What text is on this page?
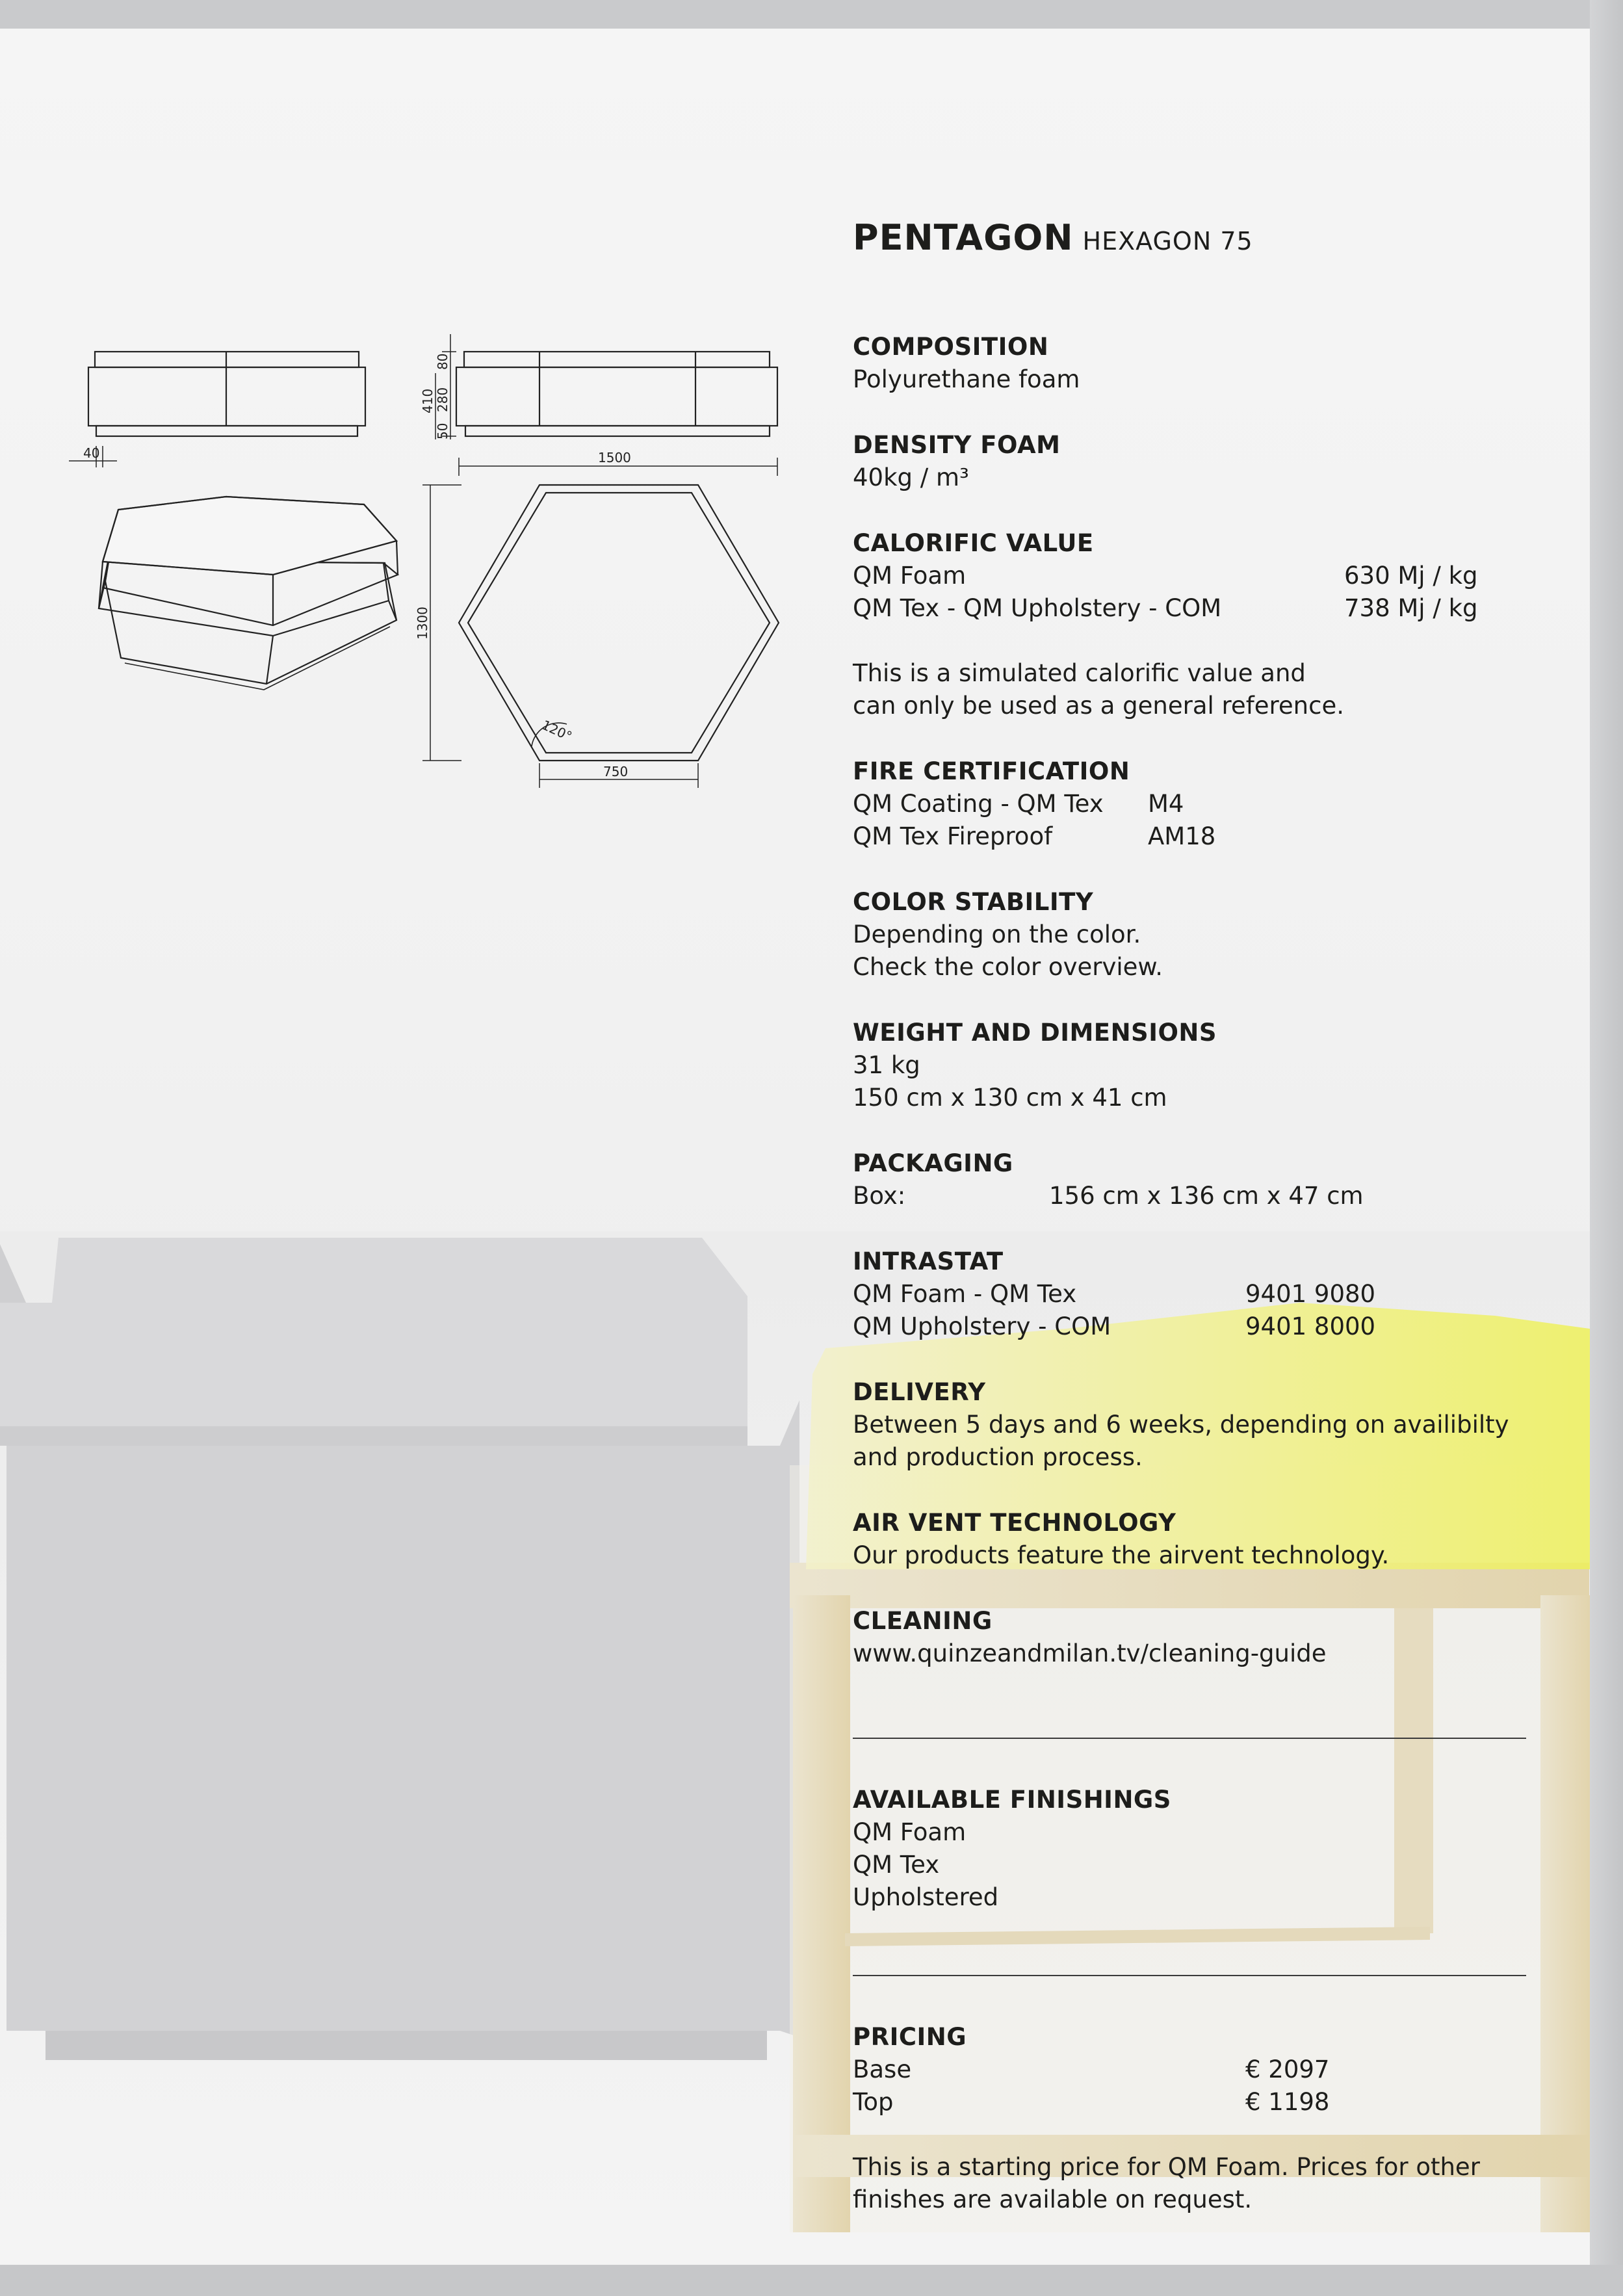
40
80
280
50
410
1500
1300
750
120°
PENTAGON HEXAGON 75
COMPOSITION
Polyurethane foam
DENSITY FOAM
40kg / m³
CALORIFIC VALUE
QM Foam	630 Mj / kg
QM Tex - QM Upholstery - COM	738 Mj / kg
This is a simulated calorific value and
can only be used as a general reference.
FIRE CERTIFICATION
QM Coating - QM Tex M4
QM Tex Fireproof	AM18
COLOR STABILITY
Depending on the color.
Check the color overview.
WEIGHT AND DIMENSIONS
31 kg
150 cm x 130 cm x 41 cm
PACKAGING
Box:	156 cm x 136 cm x 47 cm
INTRASTAT
QM Foam - QM Tex	9401 9080
QM Upholstery - COM	9401 8000
DELIVERY
Between 5 days and 6 weeks, depending on availibilty
and production process.
AIR VENT TECHNOLOGY
Our products feature the airvent technology.
CLEANING
www.quinzeandmilan.tv/cleaning-guide
AVAILABLE FINISHINGS
QM Foam
QM Tex
Upholstered
PRICING
Base	€ 2097
Top	€ 1198
This is a starting price for QM Foam. Prices for other
finishes are available on request.
